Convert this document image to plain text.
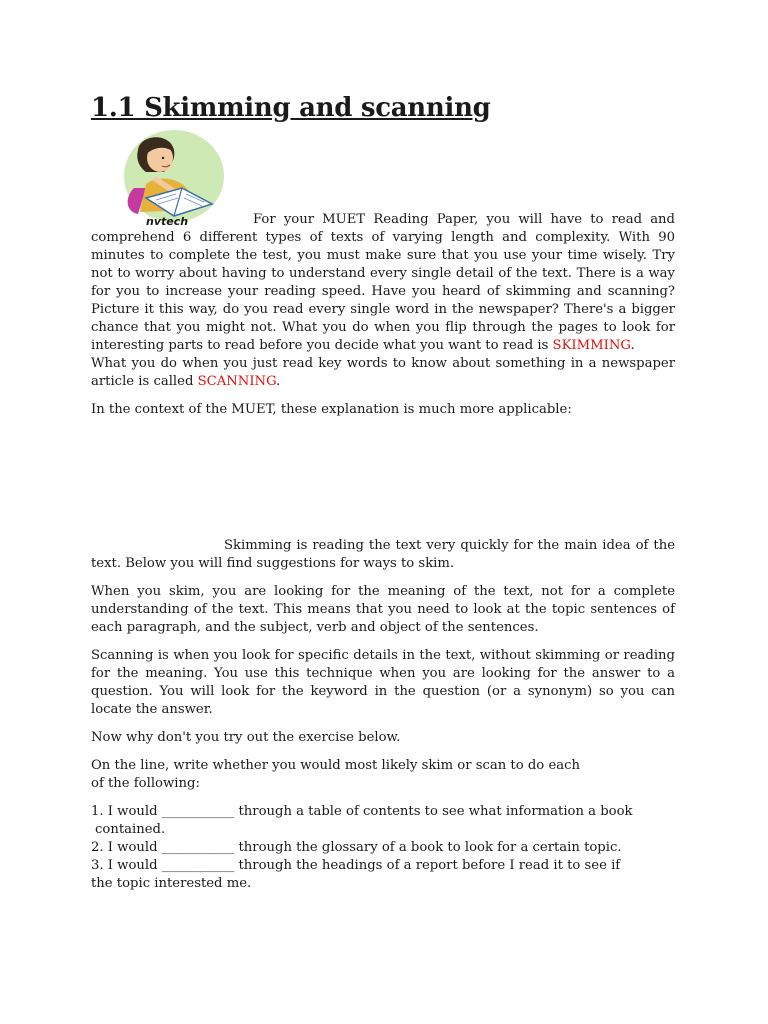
1.1 Skimming and scanning
nvtech	For your MUET Reading Paper, you will have to read and comprehend 6 different types of texts of varying length and complexity. With 90 minutes to complete the test, you must make sure that you use your time wisely. Try not to worry about having to understand every single detail of the text. There is a way for you to increase your reading speed. Have you heard of skimming and scanning? Picture it this way, do you read every single word in the newspaper? There's a bigger chance that you might not. What you do when you flip through the pages to look for interesting parts to read before you decide what you want to read is SKIMMING.
What you do when you just read key words to know about something in a newspaper article is called SCANNING.

In the context of the MUET, these explanation is much more applicable:

Skimming is reading the text very quickly for the main idea of the text. Below you will find suggestions for ways to skim.

When you skim, you are looking for the meaning of the text, not for a complete understanding of the text. This means that you need to look at the topic sentences of each paragraph, and the subject, verb and object of the sentences.

Scanning is when you look for specific details in the text, without skimming or reading for the meaning. You use this technique when you are looking for the answer to a question. You will look for the keyword in the question (or a synonym) so you can locate the answer.

Now why don't you try out the exercise below.

On the line, write whether you would most likely skim or scan to do each of the following:

1. I would ___________ through a table of contents to see what information a book
contained.
2. I would ___________ through the glossary of a book to look for a certain topic.
3. I would ___________ through the headings of a report before I read it to see if
the topic interested me.
